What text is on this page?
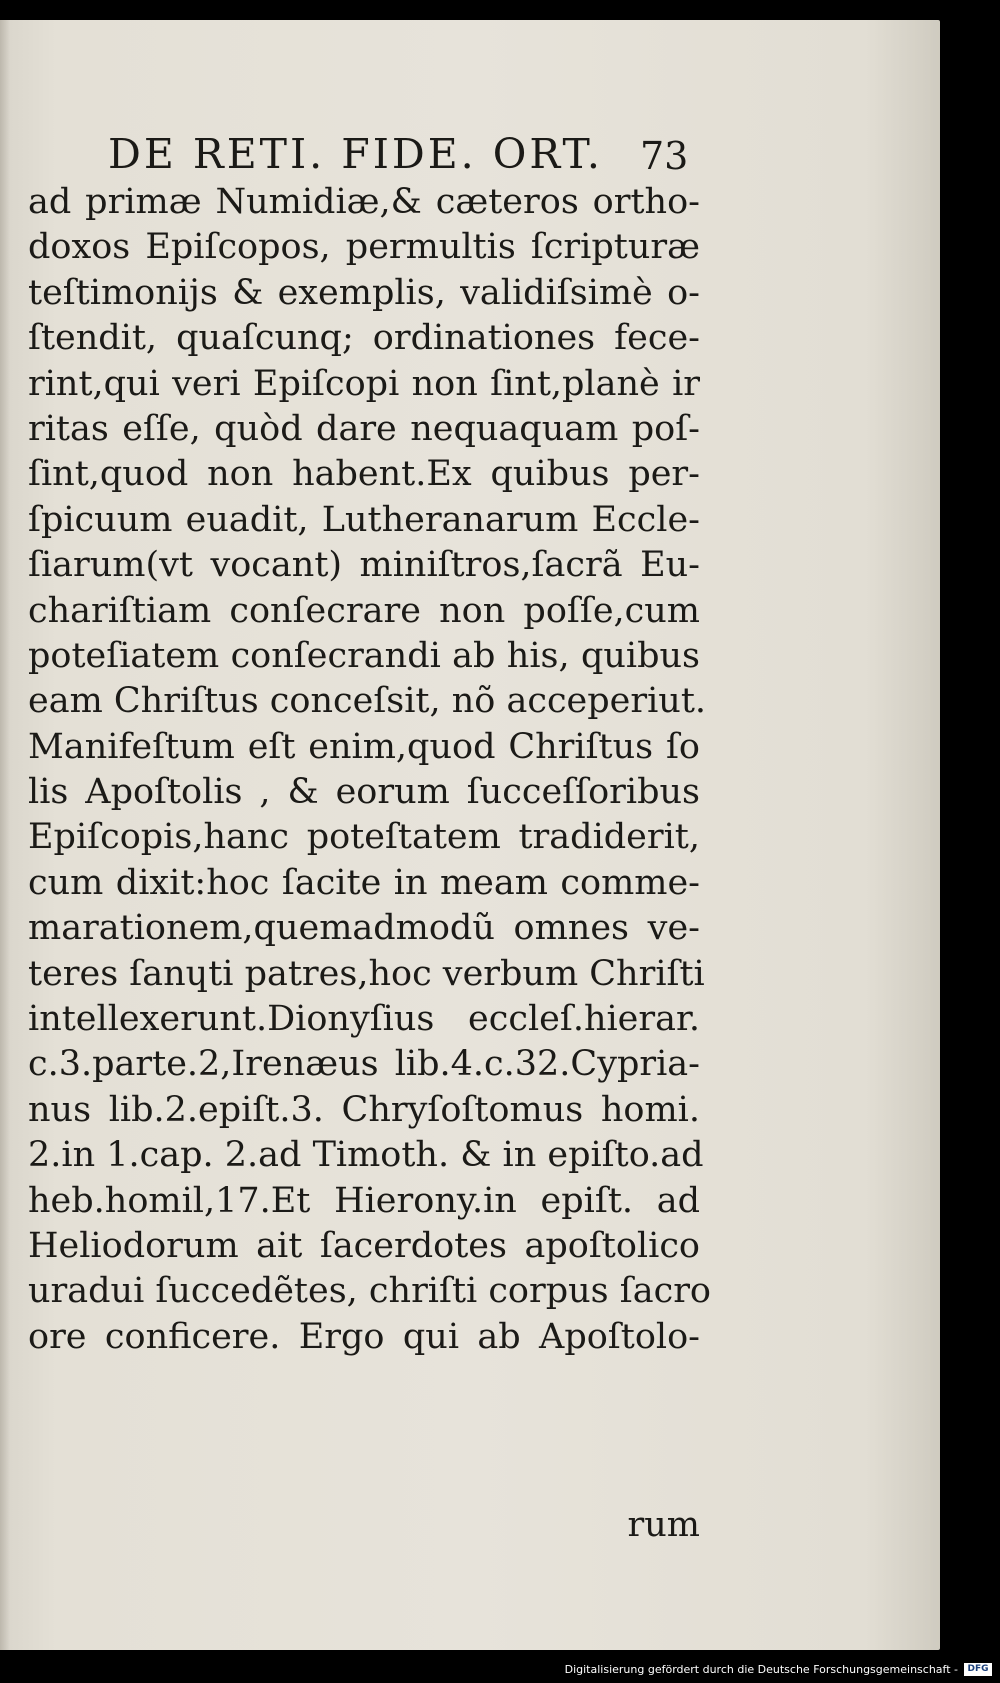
DE RETI. FIDE. ORT. 73
ad primæ Numidiæ,& cæteros ortho-
doxos Epiſcopos, permultis ſcripturæ
teſtimonijs & exemplis, validiſsimè o-
ſtendit, quaſcunq; ordinationes fece-
rint,qui veri Epiſcopi non ſint,planè ir
ritas eſſe, quòd dare nequaquam poſ-
ſint,quod non habent.Ex quibus per-
ſpicuum euadit, Lutheranarum Eccle-
ſiarum(vt vocant) miniſtros,ſacrã Eu-
chariſtiam conſecrare non poſſe,cum
poteſiatem conſecrandi ab his, quibus
eam Chriſtus conceſsit, nõ acceperiut.
Manifeſtum eſt enim,quod Chriſtus ſo
lis Apoſtolis , & eorum ſucceſſoribus
Epiſcopis,hanc poteſtatem tradiderit,
cum dixit:hoc ſacite in meam comme-
marationem,quemadmodũ omnes ve-
teres ſanɥti patres,hoc verbum Chriſti
intellexerunt.Dionyſius eccleſ.hierar.
c.3.parte.2,Irenæus lib.4.c.32.Cypria-
nus lib.2.epiſt.3. Chryſoſtomus homi.
2.in 1.cap. 2.ad Timoth. & in epiſto.ad
heb.homil,17.Et Hierony.in epiſt. ad
Heliodorum ait ſacerdotes apoſtolico
uradui ſuccedẽtes, chriſti corpus ſacro
ore conficere. Ergo qui ab Apoſtolo-
rum
Digitalisierung gefördert durch die Deutsche Forschungsgemeinschaft -	DFG
